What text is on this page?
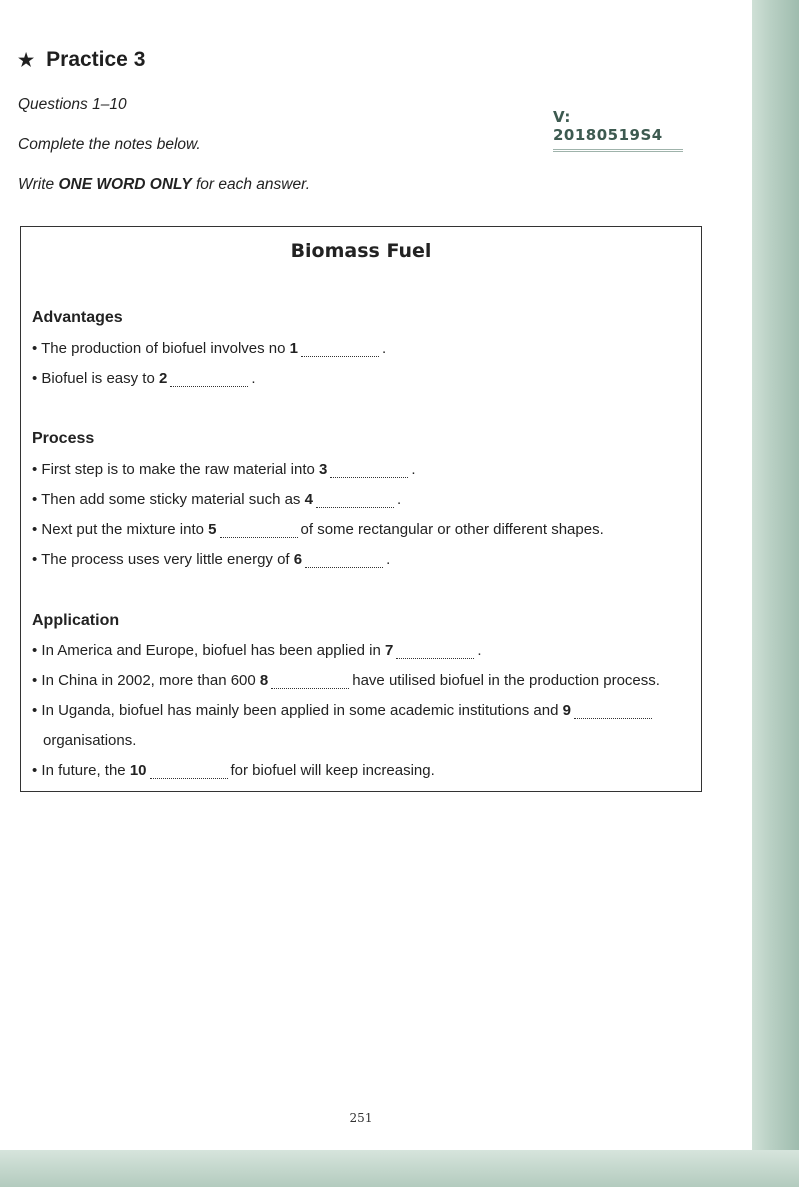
★ Practice 3
Questions 1–10
Complete the notes below.
Write ONE WORD ONLY for each answer.
V: 20180519S4
Biomass Fuel
Advantages
• The production of biofuel involves no 1	.
• Biofuel is easy to 2	.
Process
• First step is to make the raw material into 3	.
• Then add some sticky material such as 4	.
• Next put the mixture into 5	of some rectangular or other different shapes.
• The process uses very little energy of 6	.
Application
• In America and Europe, biofuel has been applied in 7	.
• In China in 2002, more than 600 8	have utilised biofuel in the production process.
• In Uganda, biofuel has mainly been applied in some academic institutions and 9
organisations.
• In future, the 10	for biofuel will keep increasing.
251
